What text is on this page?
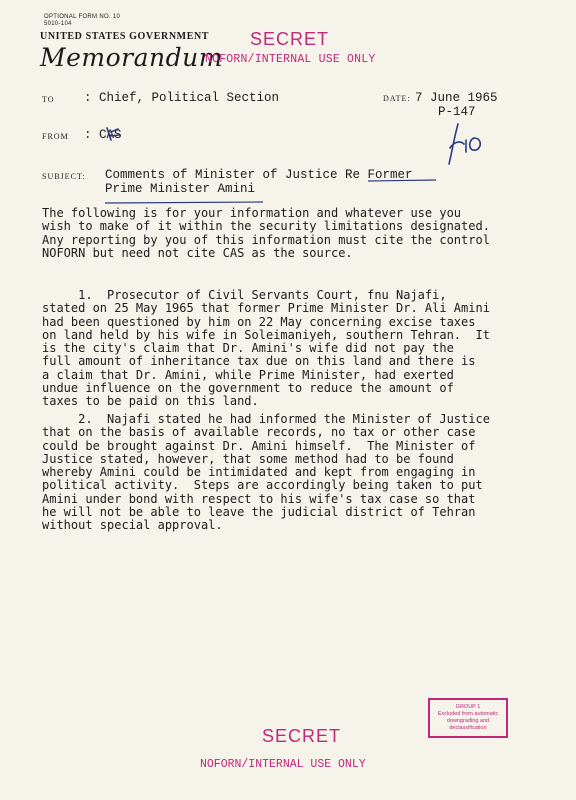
OPTIONAL FORM NO. 10
5010-104
UNITED STATES GOVERNMENT
Memorandum
SECRET
NOFORN/INTERNAL USE ONLY
TO : Chief, Political Section	DATE: 7 June 1965
P-147
FROM : CAS
SUBJECT: Comments of Minister of Justice Re Former
Prime Minister Amini
The following is for your information and whatever use you
wish to make of it within the security limitations designated.
Any reporting by you of this information must cite the control
NOFORN but need not cite CAS as the source.
1.  Prosecutor of Civil Servants Court, fnu Najafi,
stated on 25 May 1965 that former Prime Minister Dr. Ali Amini
had been questioned by him on 22 May concerning excise taxes
on land held by his wife in Soleimaniyeh, southern Tehran.  It
is the city's claim that Dr. Amini's wife did not pay the
full amount of inheritance tax due on this land and there is
a claim that Dr. Amini, while Prime Minister, had exerted
undue influence on the government to reduce the amount of
taxes to be paid on this land.
2.  Najafi stated he had informed the Minister of Justice
that on the basis of available records, no tax or other case
could be brought against Dr. Amini himself.  The Minister of
Justice stated, however, that some method had to be found
whereby Amini could be intimidated and kept from engaging in
political activity.  Steps are accordingly being taken to put
Amini under bond with respect to his wife's tax case so that
he will not be able to leave the judicial district of Tehran
without special approval.
GROUP 1
Excluded from automatic
downgrading and
declassification
SECRET
NOFORN/INTERNAL USE ONLY
